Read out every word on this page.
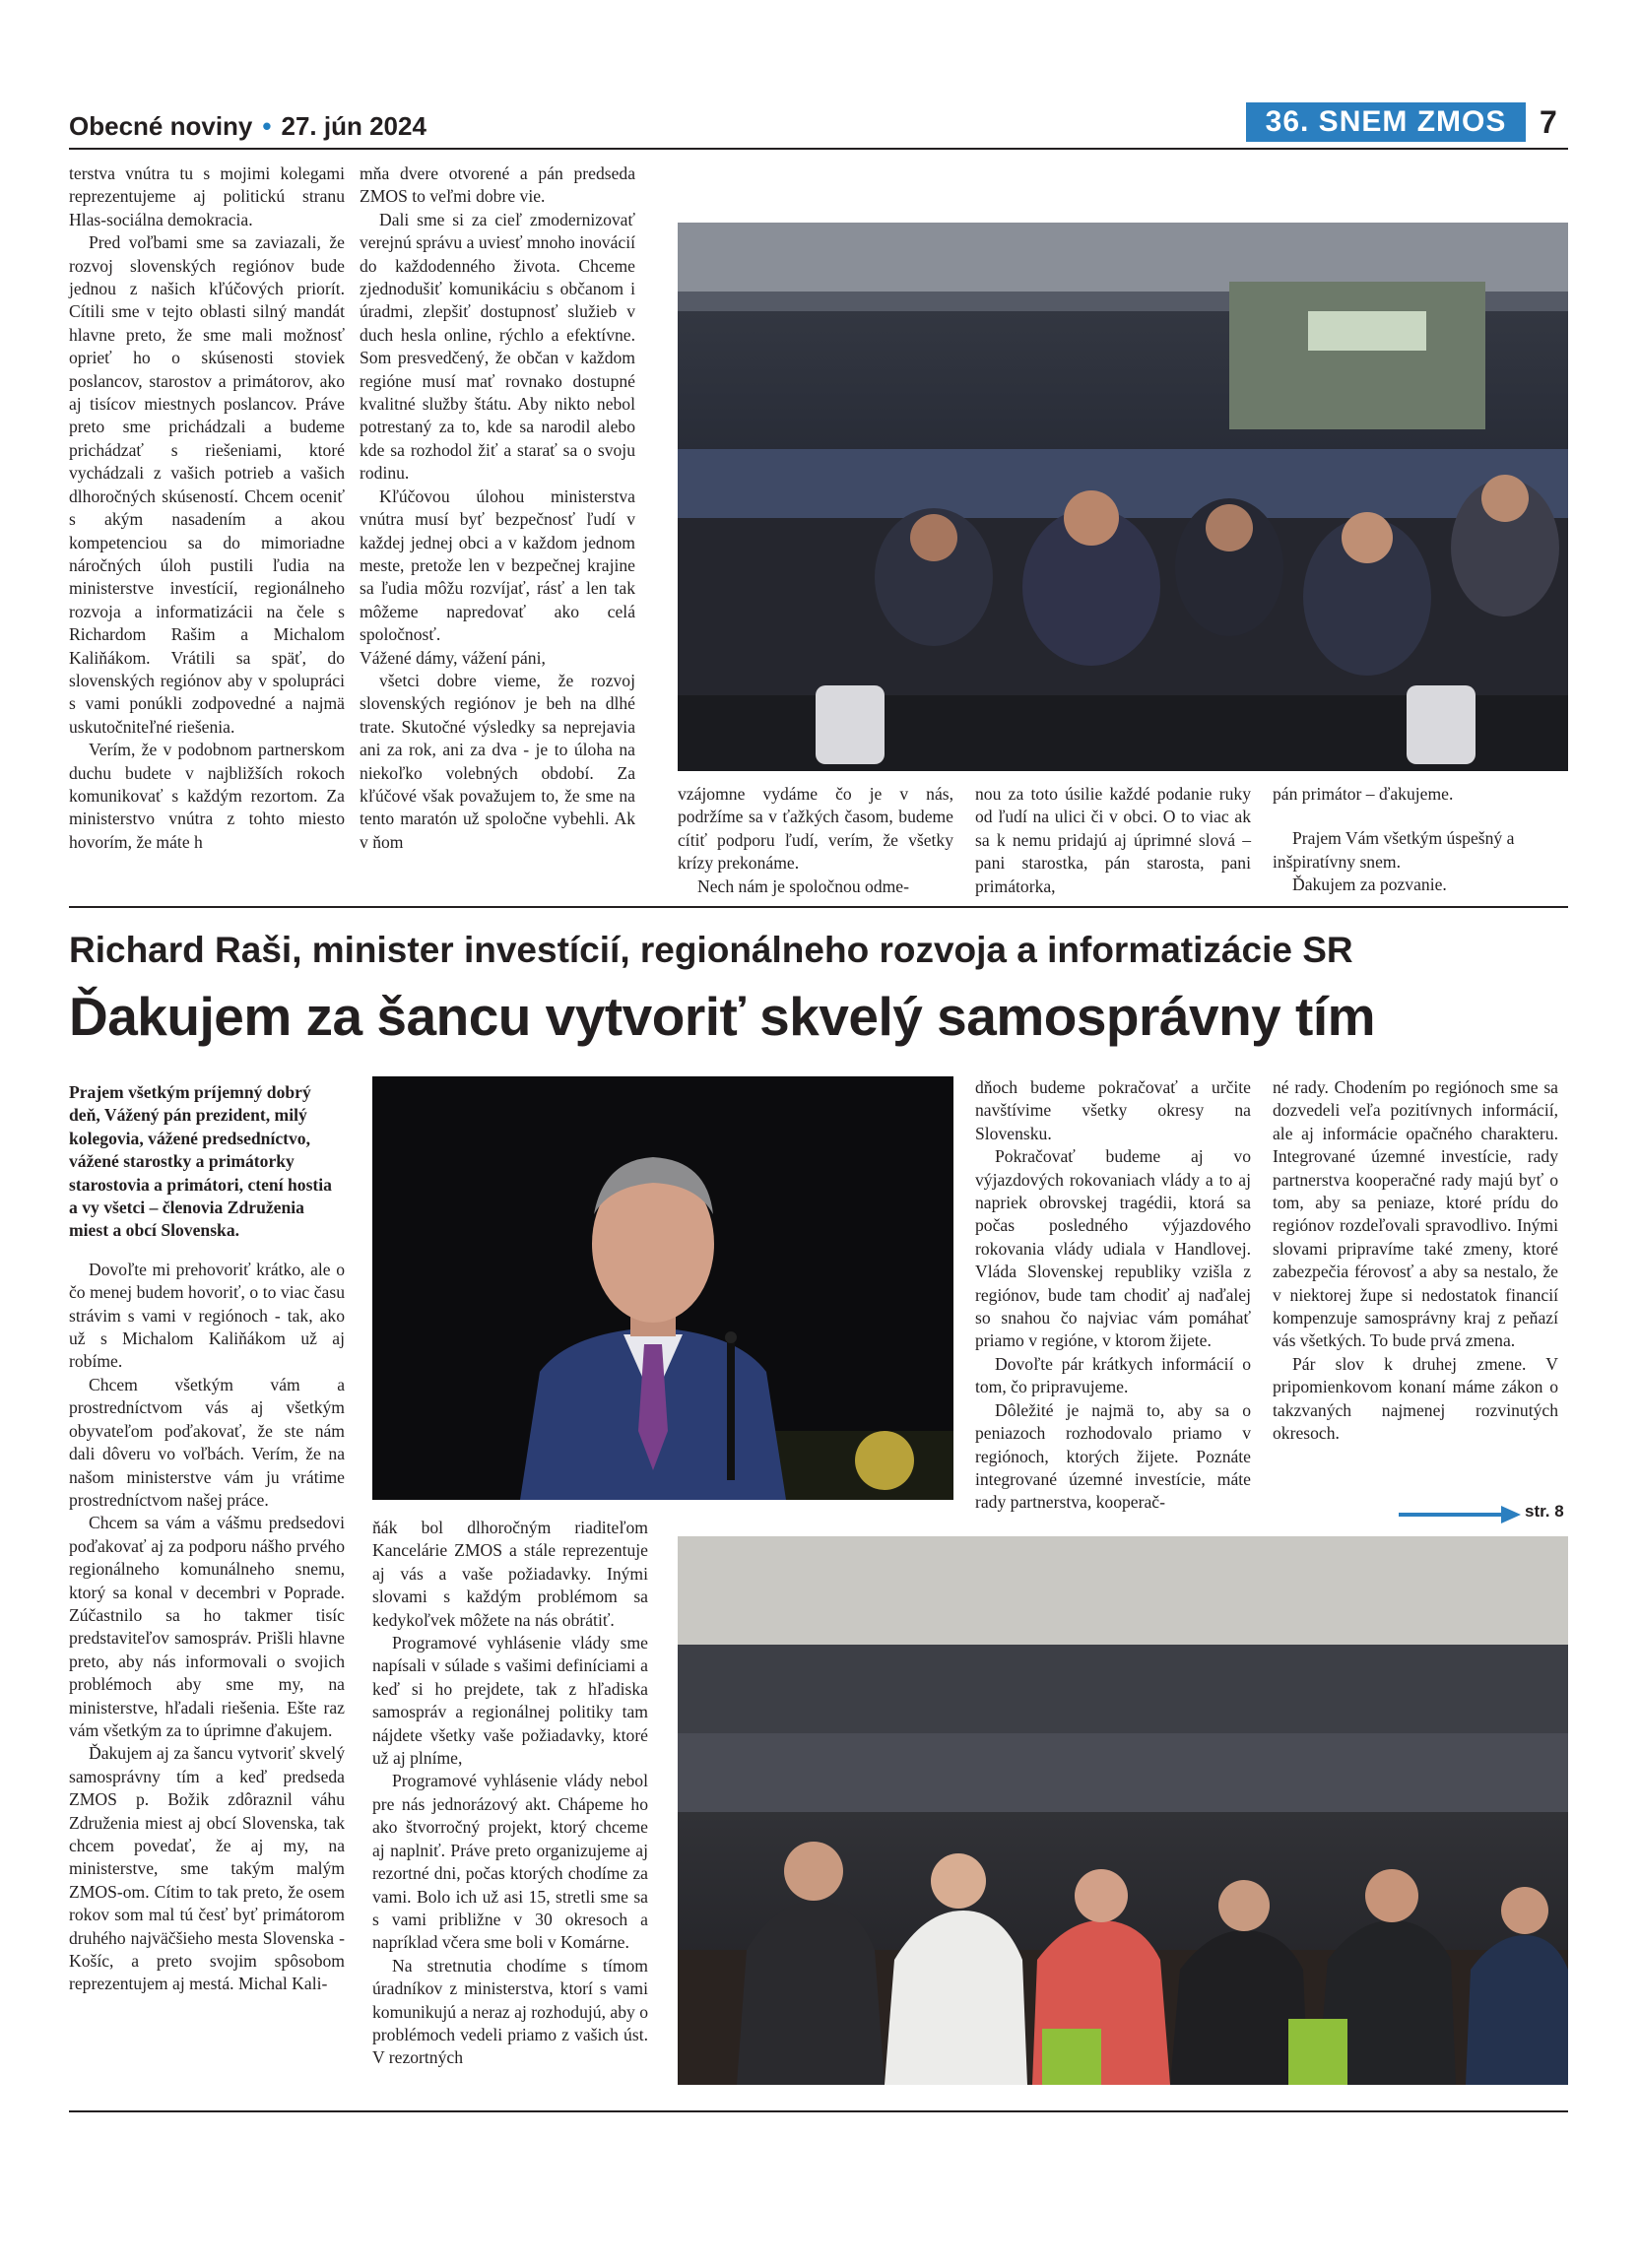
Obecné noviny • 27. jún 2024	36. SNEM ZMOS	7

terstva vnútra tu s mojimi kolegami reprezentujeme aj politickú stranu Hlas-sociálna demokracia.

Pred voľbami sme sa zaviazali, že rozvoj slovenských regiónov bude jednou z našich kľúčových priorít. Cítili sme v tejto oblasti silný mandát hlavne preto, že sme mali možnosť oprieť ho o skúsenosti stoviek poslancov, starostov a primátorov, ako aj tisícov miestnych poslancov. Práve preto sme prichádzali a budeme prichádzať s riešeniami, ktoré vychádzali z vašich potrieb a vašich dlhoročných skúseností. Chcem oceniť s akým nasadením a akou kompetenciou sa do mimoriadne náročných úloh pustili ľudia na ministerstve investícií, regionálneho rozvoja a informatizácii na čele s Richardom Rašim a Michalom Kaliňákom. Vrátili sa späť, do slovenských regiónov aby v spolupráci s vami ponúkli zodpovedné a najmä uskutočniteľné riešenia.

Verím, že v podobnom partnerskom duchu budete v najbližších rokoch komunikovať s každým rezortom. Za ministerstvo vnútra z tohto miesto hovorím, že máte h

mňa dvere otvorené a pán predseda ZMOS to veľmi dobre vie.

Dali sme si za cieľ zmodernizovať verejnú správu a uviesť mnoho inovácií do každodenného života. Chceme zjednodušiť komunikáciu s občanom i úradmi, zlepšiť dostupnosť služieb v duch hesla online, rýchlo a efektívne. Som presvedčený, že občan v každom regióne musí mať rovnako dostupné kvalitné služby štátu. Aby nikto nebol potrestaný za to, kde sa narodil alebo kde sa rozhodol žiť a starať sa o svoju rodinu.

Kľúčovou úlohou ministerstva vnútra musí byť bezpečnosť ľudí v každej jednej obci a v každom jednom meste, pretože len v bezpečnej krajine sa ľudia môžu rozvíjať, rásť a len tak môžeme napredovať ako celá spoločnosť.

Vážené dámy, vážení páni,

všetci dobre vieme, že rozvoj slovenských regiónov je beh na dlhé trate. Skutočné výsledky sa neprejavia ani za rok, ani za dva - je to úloha na niekoľko volebných období. Za kľúčové však považujem to, že sme na tento maratón už spoločne vybehli. Ak v ňom

vzájomne vydáme čo je v nás, podržíme sa v ťažkých časom, budeme cítiť podporu ľudí, verím, že všetky krízy prekonáme.

Nech nám je spoločnou odme-

nou za toto úsilie každé podanie ruky od ľudí na ulici či v obci. O to viac ak sa k nemu pridajú aj úprimné slová – pani starostka, pán starosta, pani primátorka,

pán primátor – ďakujeme.

Prajem Vám všetkým úspešný a inšpiratívny snem.

Ďakujem za pozvanie.

Richard Raši, minister investícií, regionálneho rozvoja a informatizácie SR
Ďakujem za šancu vytvoriť skvelý samosprávny tím

Prajem všetkým príjemný dobrý deň, Vážený pán prezident, milý kolegovia, vážené predsedníctvo, vážené starostky a primátorky starostovia a primátori, ctení hostia a vy všetci – členovia Združenia miest a obcí Slovenska.

Dovoľte mi prehovoriť krátko, ale o čo menej budem hovoriť, o to viac času strávim s vami v regiónoch - tak, ako už s Michalom Kaliňákom už aj robíme.

Chcem všetkým vám a prostredníctvom vás aj všetkým obyvateľom poďakovať, že ste nám dali dôveru vo voľbách. Verím, že na našom ministerstve vám ju vrátime prostredníctvom našej práce.

Chcem sa vám a vášmu predsedovi poďakovať aj za podporu nášho prvého regionálneho komunálneho snemu, ktorý sa konal v decembri v Poprade. Zúčastnilo sa ho takmer tisíc predstaviteľov samospráv. Prišli hlavne preto, aby nás informovali o svojich problémoch aby sme my, na ministerstve, hľadali riešenia. Ešte raz vám všetkým za to úprimne ďakujem.

Ďakujem aj za šancu vytvoriť skvelý samosprávny tím a keď predseda ZMOS p. Božik zdôraznil váhu Združenia miest aj obcí Slovenska, tak chcem povedať, že aj my, na ministerstve, sme takým malým ZMOS-om. Cítim to tak preto, že osem rokov som mal tú česť byť primátorom druhého najväčšieho mesta Slovenska - Košíc, a preto svojim spôsobom reprezentujem aj mestá. Michal Kali-

dňoch budeme pokračovať a určite navštívime všetky okresy na Slovensku.

Pokračovať budeme aj vo výjazdových rokovaniach vlády a to aj napriek obrovskej tragédii, ktorá sa počas posledného výjazdového rokovania vlády udiala v Handlovej. Vláda Slovenskej republiky vzišla z regiónov, bude tam chodiť aj naďalej so snahou čo najviac vám pomáhať priamo v regióne, v ktorom žijete.

Dovoľte pár krátkych informácií o tom, čo pripravujeme.

Dôležité je najmä to, aby sa o peniazoch rozhodovalo priamo v regiónoch, ktorých žijete. Poznáte integrované územné investície, máte rady partnerstva, kooperač-

né rady. Chodením po regiónoch sme sa dozvedeli veľa pozitívnych informácií, ale aj informácie opačného charakteru. Integrované územné investície, rady partnerstva kooperačné rady majú byť o tom, aby sa peniaze, ktoré prídu do regiónov rozdeľovali spravodlivo. Inými slovami pripravíme také zmeny, ktoré zabezpečia férovosť a aby sa nestalo, že v niektorej župe si nedostatok financií kompenzuje samosprávny kraj z peňazí vás všetkých. To bude prvá zmena.

Pár slov k druhej zmene. V pripomienkovom konaní máme zákon o takzvaných najmenej rozvinutých okresoch.

str. 8

ňák bol dlhoročným riaditeľom Kancelárie ZMOS a stále reprezentuje aj vás a vaše požiadavky. Inými slovami s každým problémom sa kedykoľvek môžete na nás obrátiť.

Programové vyhlásenie vlády sme napísali v súlade s vašimi definíciami a keď si ho prejdete, tak z hľadiska samospráv a regionálnej politiky tam nájdete všetky vaše požiadavky, ktoré už aj plníme,

Programové vyhlásenie vlády nebol pre nás jednorázový akt. Chápeme ho ako štvorročný projekt, ktorý chceme aj naplniť. Práve preto organizujeme aj rezortné dni, počas ktorých chodíme za vami. Bolo ich už asi 15, stretli sme sa s vami približne v 30 okresoch a napríklad včera sme boli v Komárne.

Na stretnutia chodíme s tímom úradníkov z ministerstva, ktorí s vami komunikujú a neraz aj rozhodujú, aby o problémoch vedeli priamo z vašich úst. V rezortných
